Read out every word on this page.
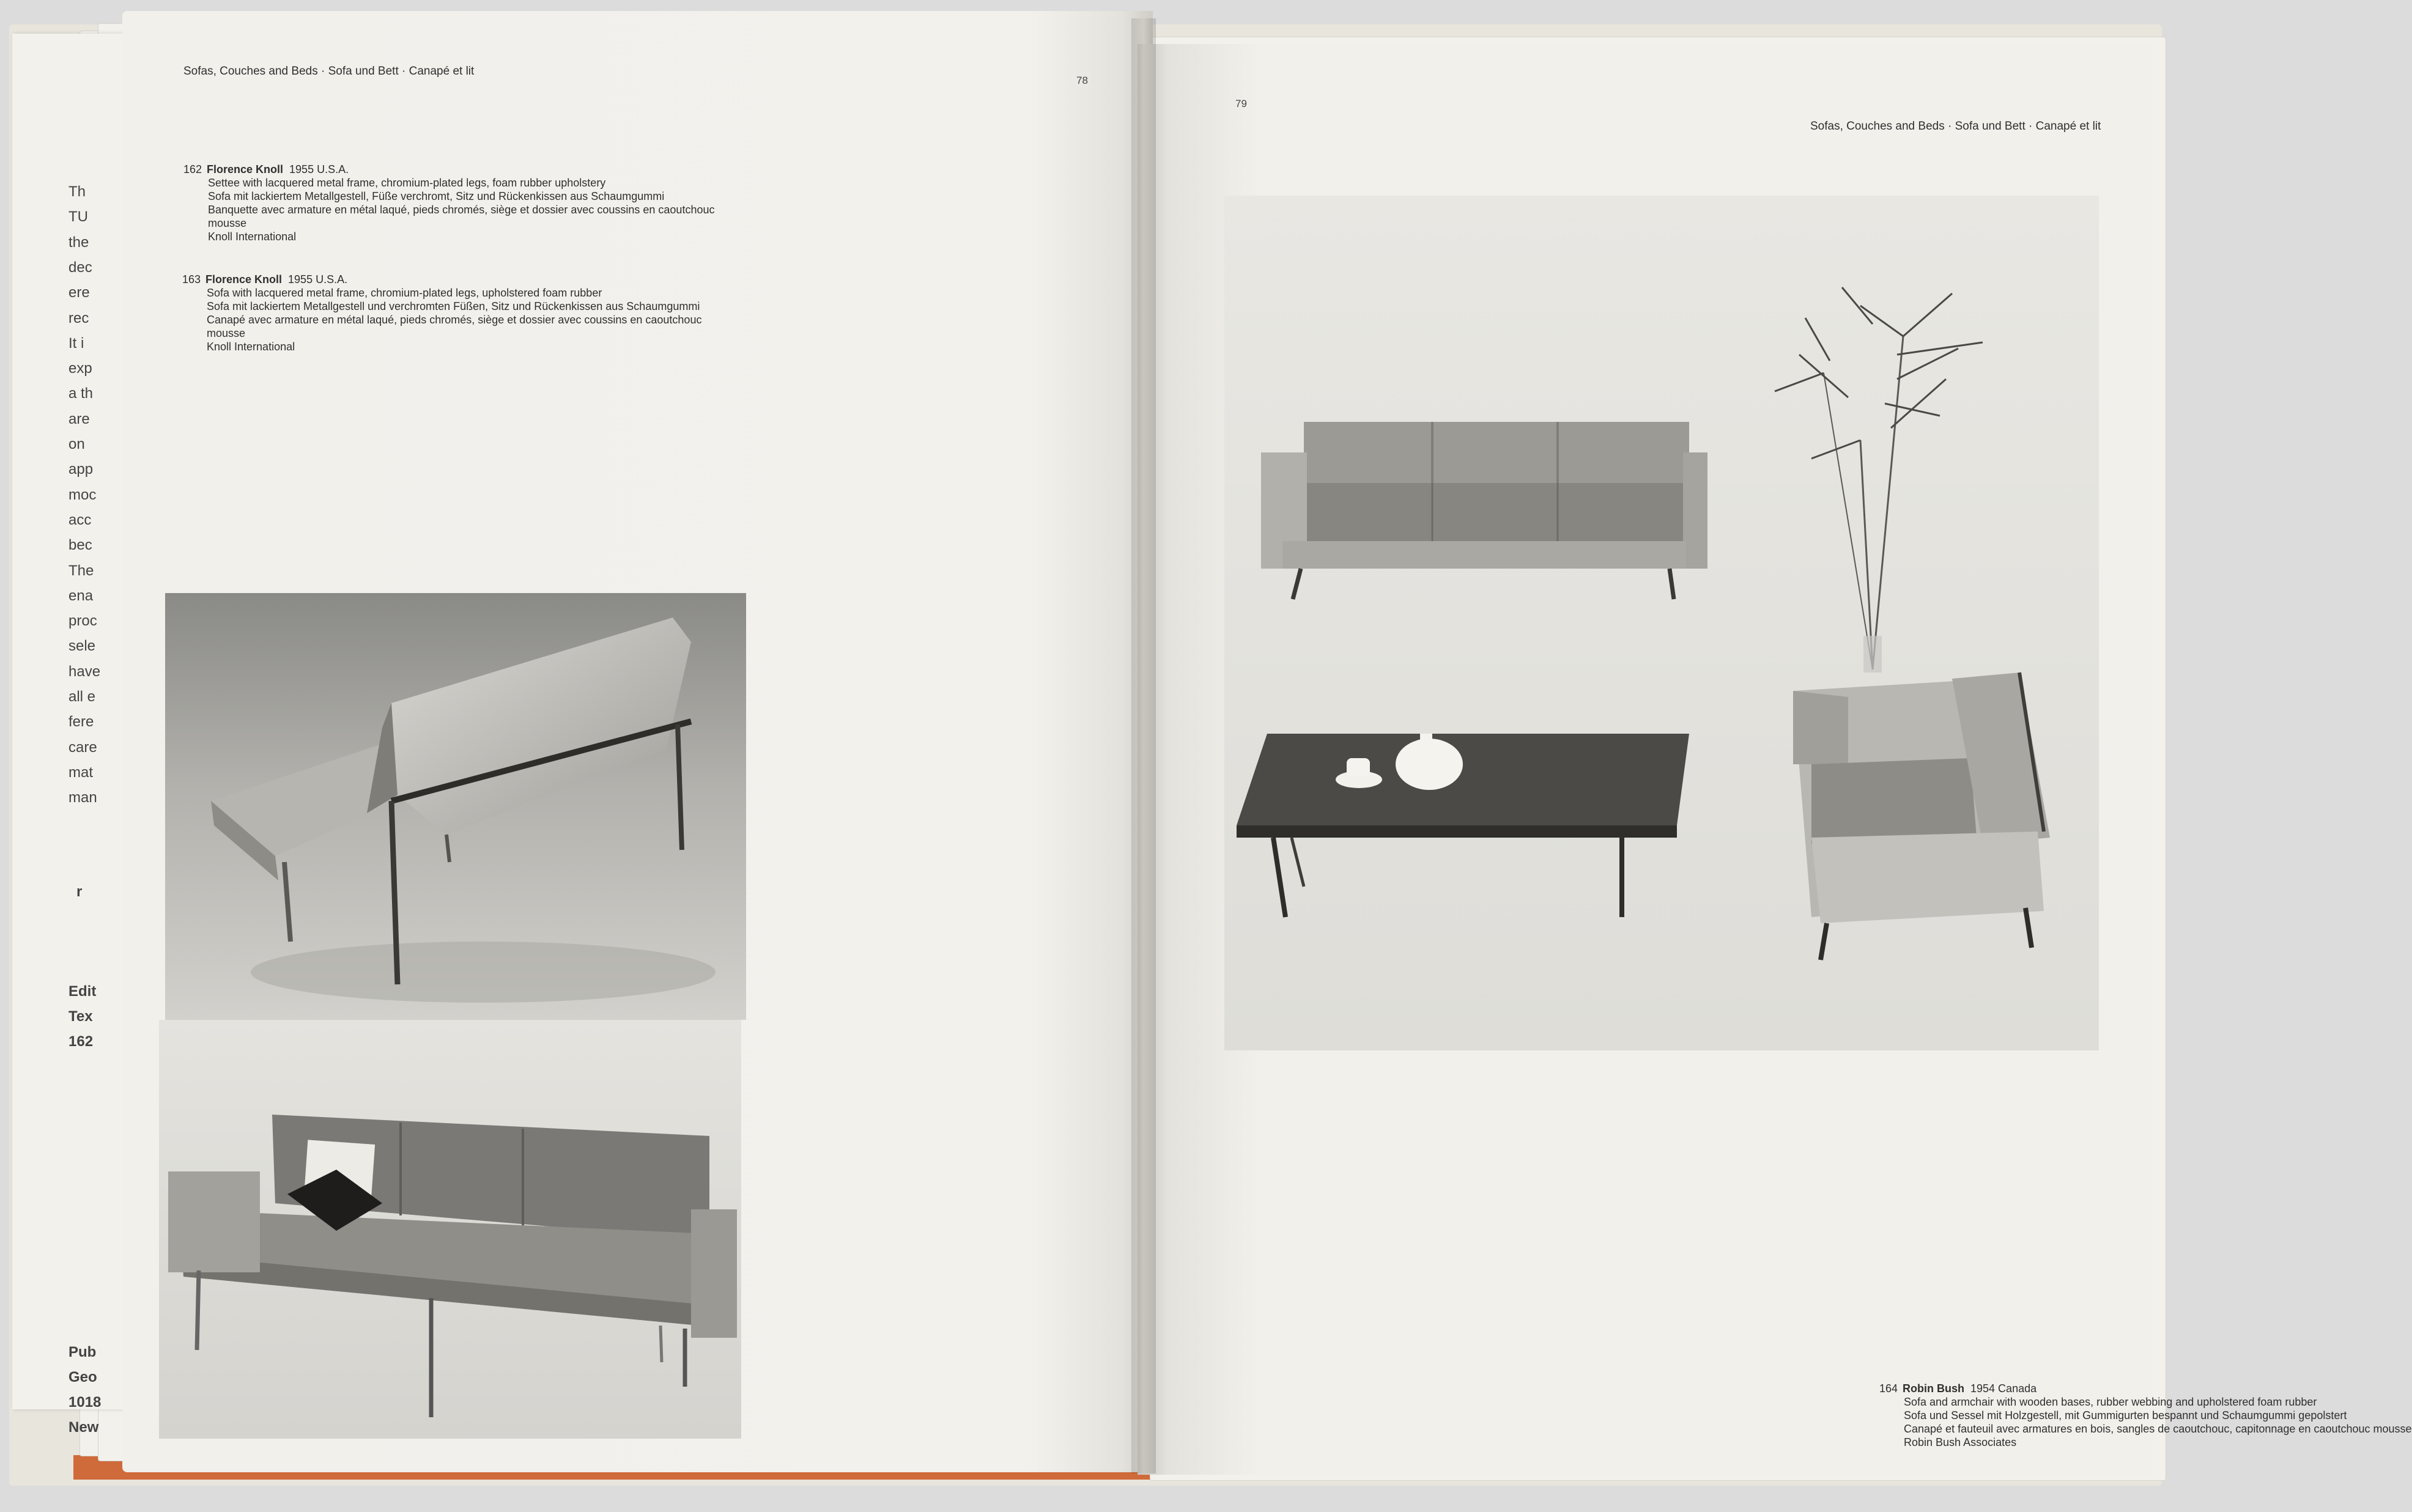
Th
TU
the
dec
ere
rec
It i
exp
a th
are
on
app
moc
acc
bec
The
ena
proc
sele
have
all e
fere
care
mat
man
r
Edit
Tex
162
Pub
Geo
1018
New
Sofas, Couches and Beds · Sofa und Bett · Canapé et lit
78
162 Florence Knoll 1955 U.S.A.
Settee with lacquered metal frame, chromium-plated legs, foam rubber upholstery
Sofa mit lackiertem Metallgestell, Füße verchromt, Sitz und Rückenkissen aus Schaumgummi
Banquette avec armature en métal laqué, pieds chromés, siège et dossier avec coussins en caoutchouc
mousse
Knoll International
163 Florence Knoll 1955 U.S.A.
Sofa with lacquered metal frame, chromium-plated legs, upholstered foam rubber
Sofa mit lackiertem Metallgestell und verchromten Füßen, Sitz und Rückenkissen aus Schaumgummi
Canapé avec armature en métal laqué, pieds chromés, siège et dossier avec coussins en caoutchouc
mousse
Knoll International
79
Sofas, Couches and Beds · Sofa und Bett · Canapé et lit
164 Robin Bush 1954 Canada
Sofa and armchair with wooden bases, rubber webbing and upholstered foam rubber
Sofa und Sessel mit Holzgestell, mit Gummigurten bespannt und Schaumgummi gepolstert
Canapé et fauteuil avec armatures en bois, sangles de caoutchouc, capitonnage en caoutchouc mousse
Robin Bush Associates
